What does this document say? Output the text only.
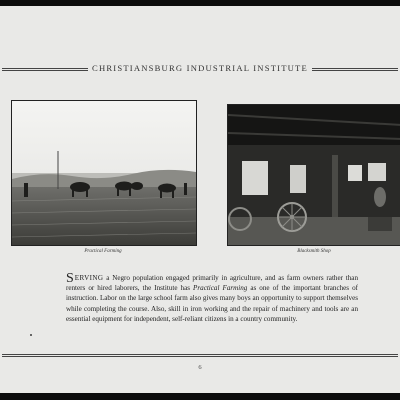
CHRISTIANSBURG INDUSTRIAL INSTITUTE
Practical Farming	Blacksmith Shop
SERVING a Negro population engaged primarily in agriculture, and as farm owners rather than renters or hired laborers, the Institute has Practical Farming as one of the important branches of instruction. Labor on the large school farm also gives many boys an opportunity to support themselves while completing the course. Also, skill in iron working and the repair of machinery and tools are an essential equipment for independent, self-reliant citizens in a country community.
6
